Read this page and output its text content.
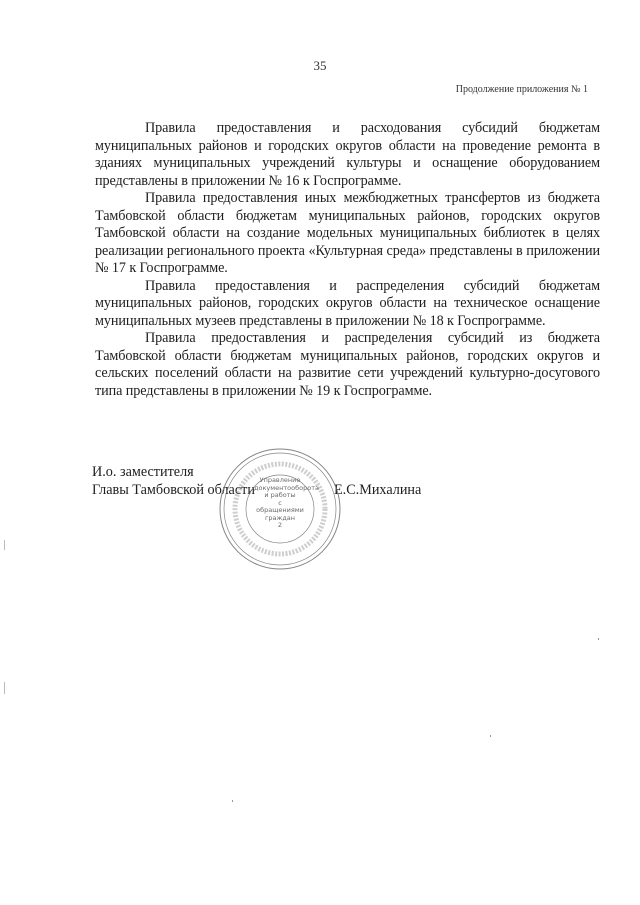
35
Продолжение приложения № 1

Правила предоставления и расходования субсидий бюджетам муниципальных районов и городских округов области на проведение ремонта в зданиях муниципальных учреждений культуры и оснащение оборудованием представлены в приложении № 16 к Госпрограмме.

Правила предоставления иных межбюджетных трансфертов из бюджета Тамбовской области бюджетам муниципальных районов, городских округов Тамбовской области на создание модельных муниципальных библиотек в целях реализации регионального проекта «Культурная среда» представлены в приложении № 17 к Госпрограмме.

Правила предоставления и распределения субсидий бюджетам муниципальных районов, городских округов области на техническое оснащение муниципальных музеев представлены в приложении № 18 к Госпрограмме.

Правила предоставления и распределения субсидий из бюджета Тамбовской области бюджетам муниципальных районов, городских округов и сельских поселений области на развитие сети учреждений культурно-досугового типа представлены в приложении № 19 к Госпрограмме.

И.о. заместителя
Главы Тамбовской области	Е.С.Михалина
Управление
документооборота
и работы
с обращениями
граждан
2
